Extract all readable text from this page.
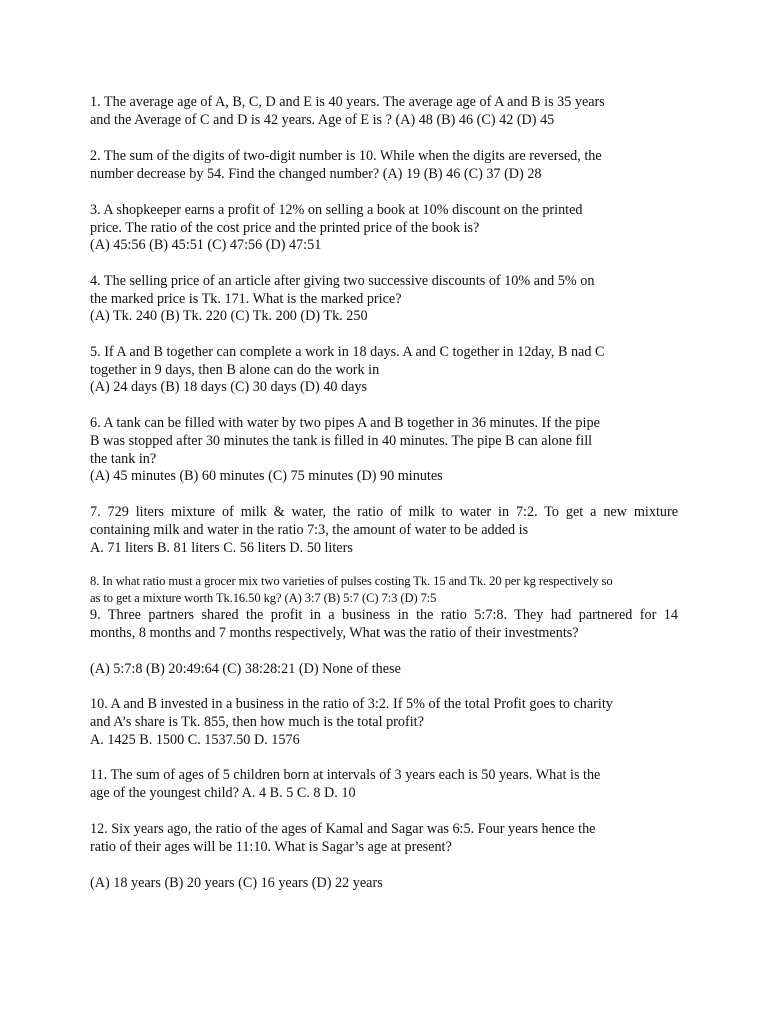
1. The average age of A, B, C, D and E is 40 years. The average age of A and B is 35 years

and the Average of C and D is 42 years. Age of E is ? (A) 48 (B) 46 (C) 42 (D) 45

2. The sum of the digits of two-digit number is 10. While when the digits are reversed, the

number decrease by 54. Find the changed number? (A) 19 (B) 46 (C) 37 (D) 28

3. A shopkeeper earns a profit of 12% on selling a book at 10% discount on the printed

price. The ratio of the cost price and the printed price of the book is?

(A) 45:56 (B) 45:51 (C) 47:56 (D) 47:51

4. The selling price of an article after giving two successive discounts of 10% and 5% on

the marked price is Tk. 171. What is the marked price?

(A) Tk. 240 (B) Tk. 220 (C) Tk. 200 (D) Tk. 250

5. If A and B together can complete a work in 18 days. A and C together in 12day, B nad C

together in 9 days, then B alone can do the work in

(A) 24 days (B) 18 days (C) 30 days (D) 40 days

6. A tank can be filled with water by two pipes A and B together in 36 minutes. If the pipe

B was stopped after 30 minutes the tank is filled in 40 minutes. The pipe B can alone fill

the tank in?

(A) 45 minutes (B) 60 minutes (C) 75 minutes (D) 90 minutes

7. 729 liters mixture of milk & water, the ratio of milk to water in 7:2. To get a new mixture

containing milk and water in the ratio 7:3, the amount of water to be added is

A. 71 liters B. 81 liters C. 56 liters D. 50 liters

8. In what ratio must a grocer mix two varieties of pulses costing Tk. 15 and Tk. 20 per kg respectively so

as to get a mixture worth Tk.16.50 kg? (A) 3:7 (B) 5:7 (C) 7:3 (D) 7:5

9. Three partners shared the profit in a business in the ratio 5:7:8. They had partnered for 14

months, 8 months and 7 months respectively, What was the ratio of their investments?

(A) 5:7:8 (B) 20:49:64 (C) 38:28:21 (D) None of these

10. A and B invested in a business in the ratio of 3:2. If 5% of the total Profit goes to charity

and A’s share is Tk. 855, then how much is the total profit?

A. 1425 B. 1500 C. 1537.50 D. 1576

11. The sum of ages of 5 children born at intervals of 3 years each is 50 years. What is the

age of the youngest child? A. 4 B. 5 C. 8 D. 10

12. Six years ago, the ratio of the ages of Kamal and Sagar was 6:5. Four years hence the

ratio of their ages will be 11:10. What is Sagar’s age at present?

(A) 18 years (B) 20 years (C) 16 years (D) 22 years
